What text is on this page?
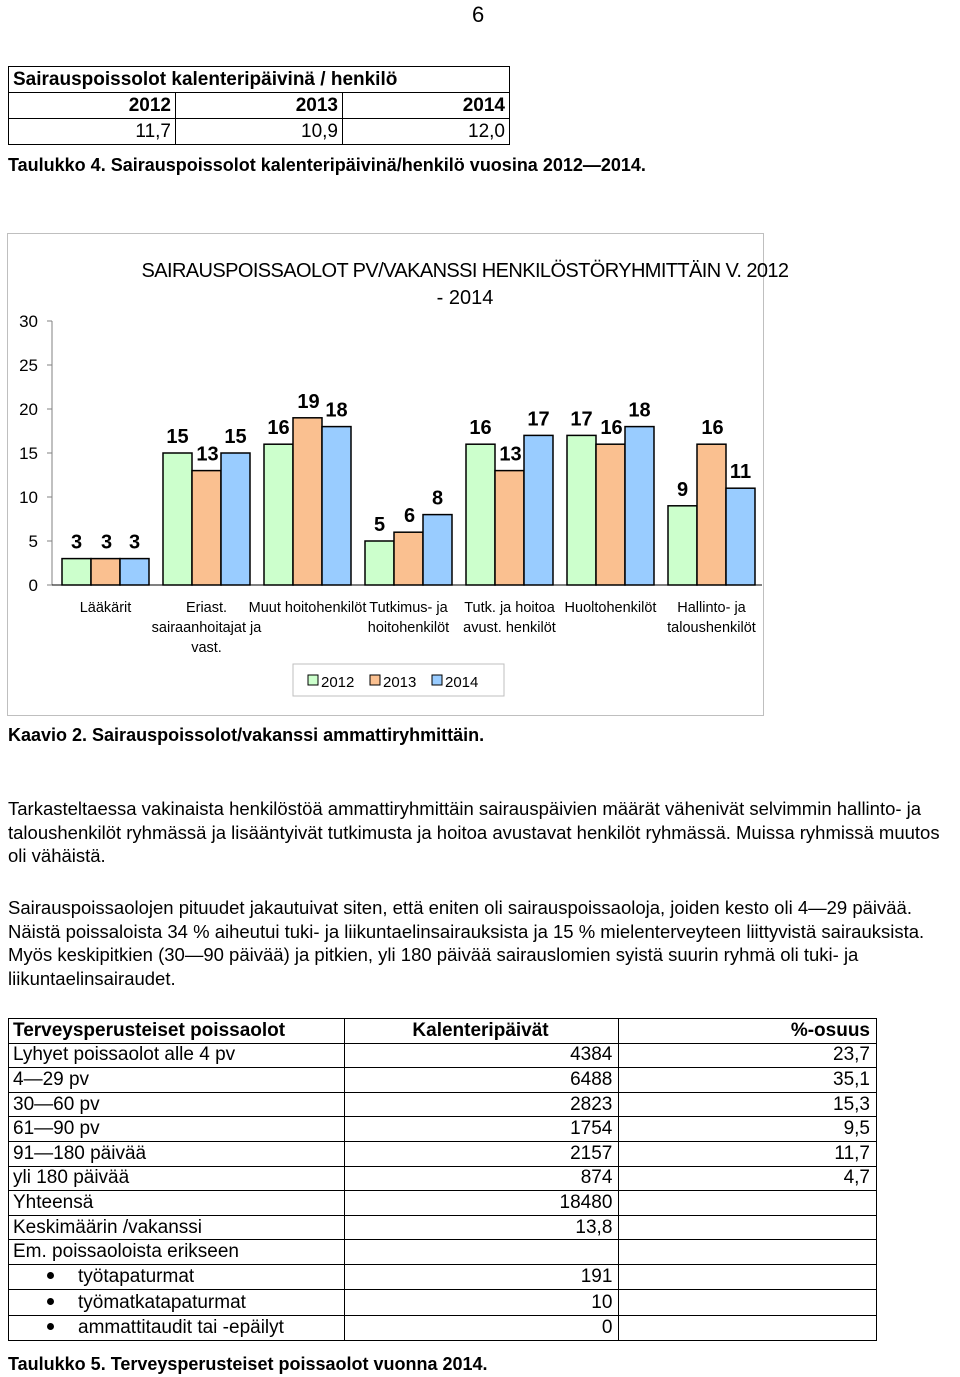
6
Sairauspoissolot kalenteripäivinä / henkilö		
2012	2013	2014
11,7	10,9	12,0
Taulukko 4. Sairauspoissolot kalenteripäivinä/henkilö vuosina 2012—2014.
SAIRAUSPOISSAOLOT PV/VAKANSSI HENKILÖSTÖRYHMITTÄIN V. 2012
- 2014
0
5
10
15
20
25
30
3 3 3
Lääkärit
15
13
15
Eriast.
sairaanhoitajat ja
vast.
16
19 18
Muut hoitohenkilöt
5 6
8
Tutkimus- ja
hoitohenkilöt
16
13
17
Tutk. ja hoitoa
avust. henkilöt
17 16
18
Huoltohenkilöt
9
16
11
Hallinto- ja
taloushenkilöt
2012 2013 2014
Kaavio 2. Sairauspoissolot/vakanssi ammattiryhmittäin.

Tarkasteltaessa vakinaista henkilöstöä ammattiryhmittäin sairauspäivien määrät vähenivät selvimmin hallinto- ja taloushenkilöt ryhmässä ja lisääntyivät tutkimusta ja hoitoa avustavat henkilöt ryhmässä. Muissa ryhmissä muutos oli vähäistä.

Sairauspoissaolojen pituudet jakautuivat siten, että eniten oli sairauspoissaoloja, joiden kesto oli 4—29 päivää. Näistä poissaloista 34 % aiheutui tuki- ja liikuntaelinsairauksista ja 15 % mielenterveyteen liittyvistä sairauksista. Myös keskipitkien (30—90 päivää) ja pitkien, yli 180 päivää sairauslomien syistä suurin ryhmä oli tuki- ja liikuntaelinsairaudet.

Terveysperusteiset poissaolot	Kalenteripäivät	%-osuus
Lyhyet poissaolot alle 4 pv	4384	23,7
4—29 pv	6488	35,1
30—60 pv	2823	15,3
61—90 pv	1754	9,5
91—180 päivää	2157	11,7
yli 180 päivää	874	4,7
Yhteensä	18480	
Keskimäärin /vakanssi	13,8	
Em. poissaoloista erikseen		
työtapaturmat	191	
työmatkatapaturmat	10	
ammattitaudit tai -epäilyt	0	
Taulukko 5. Terveysperusteiset poissaolot vuonna 2014.
